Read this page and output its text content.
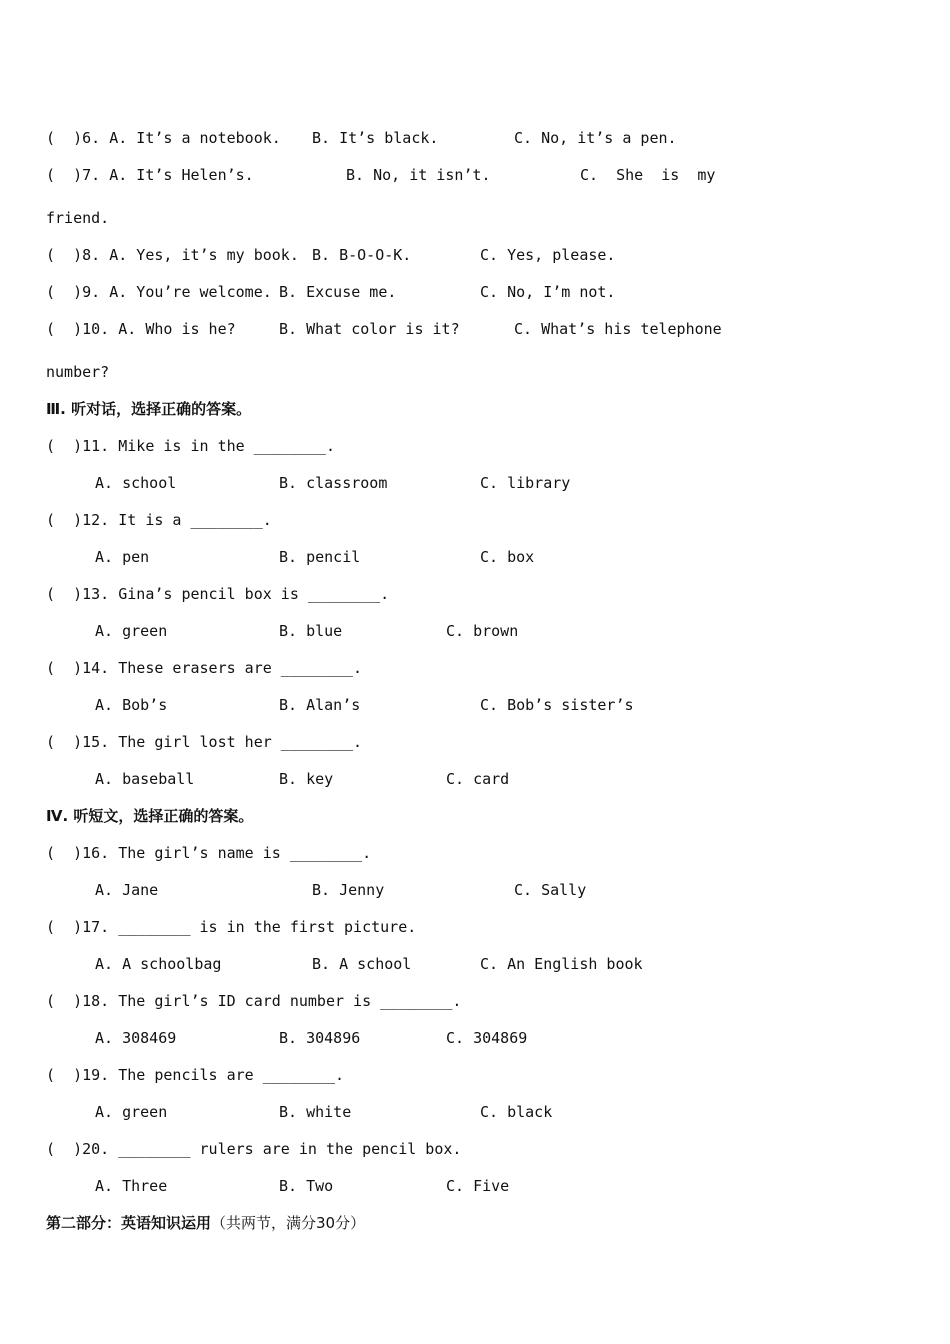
(  )6. A. It’s a notebook. B. It’s black.	C. No, it’s a pen.
(  )7. A. It’s Helen’s.	B. No, it isn’t.	C.  She  is  my
friend.
(  )8. A. Yes, it’s my book. B. B-O-O-K.	C. Yes, please.
(  )9. A. You’re welcome. B. Excuse me.	C. No, I’m not.
(  )10. A. Who is he?	B. What color is it?	C. What’s his telephone
number?
Ⅲ. 听对话，选择正确的答案。
(  )11. Mike is in the ________.
A. school	B. classroom	C. library
(  )12. It is a ________.
A. pen	B. pencil	C. box
(  )13. Gina’s pencil box is ________.
A. green	B. blue	C. brown
(  )14. These erasers are ________.
A. Bob’s	B. Alan’s	C. Bob’s sister’s
(  )15. The girl lost her ________.
A. baseball	B. key	C. card
Ⅳ. 听短文，选择正确的答案。
(  )16. The girl’s name is ________.
A. Jane	B. Jenny	C. Sally
(  )17. ________ is in the first picture.
A. A schoolbag	B. A school	C. An English book
(  )18. The girl’s ID card number is ________.
A. 308469	B. 304896	C. 304869
(  )19. The pencils are ________.
A. green	B. white	C. black
(  )20. ________ rulers are in the pencil box.
A. Three	B. Two	C. Five
第二部分：英语知识运用（共两节，满分30分）
